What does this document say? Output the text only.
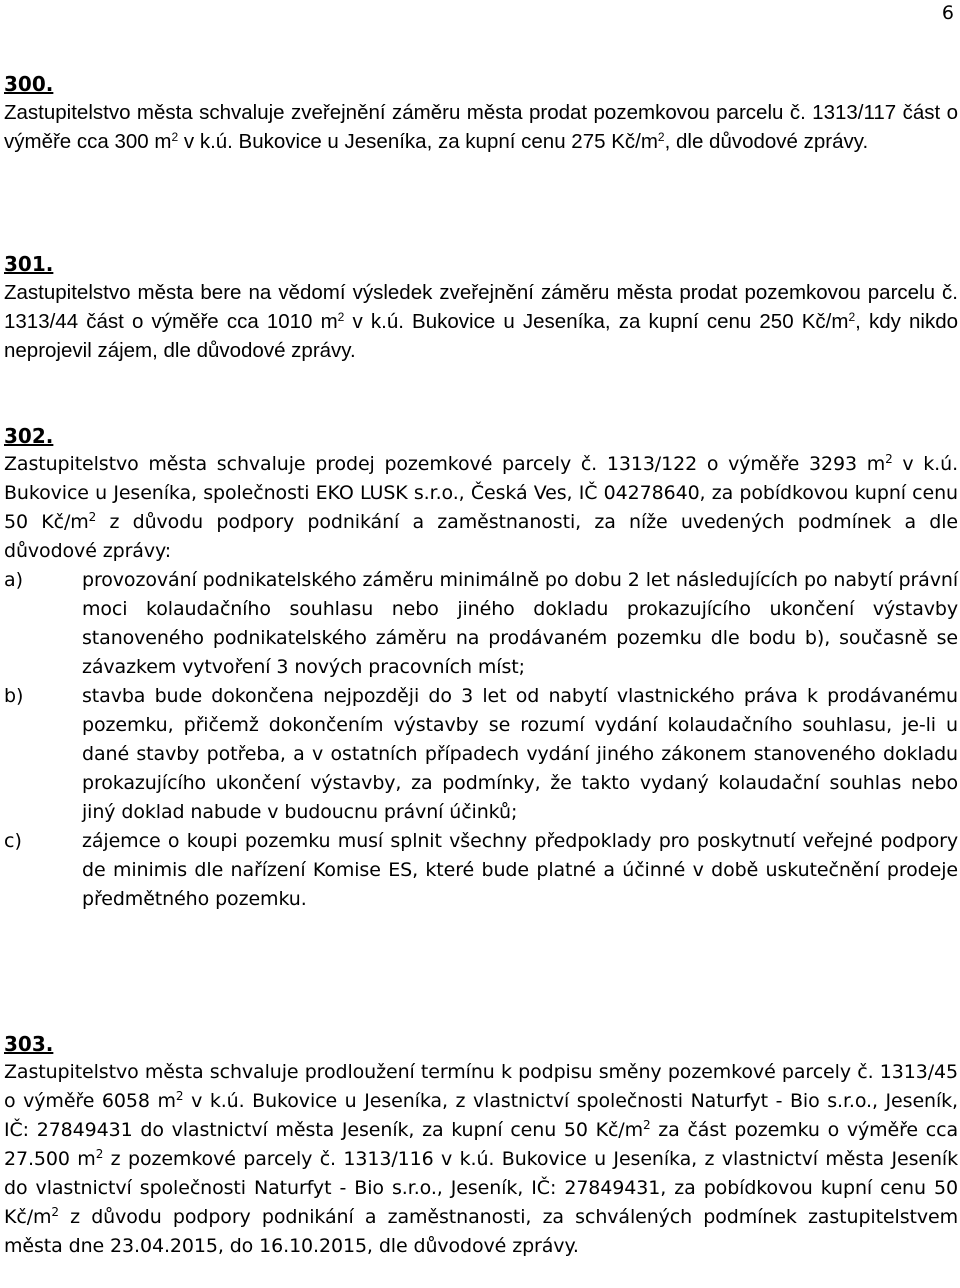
6
300.

Zastupitelstvo města schvaluje zveřejnění záměru města prodat pozemkovou parcelu č. 1313/117 část o výměře cca 300 $m^2$ v k.ú. Bukovice u Jeseníka, za kupní cenu 275 $Kč/m^2$, dle důvodové zprávy.

301.

Zastupitelstvo města bere na vědomí výsledek zveřejnění záměru města prodat pozemkovou parcelu č. 1313/44 část o výměře cca 1010 $m^2$ v k.ú. Bukovice u Jeseníka, za kupní cenu 250 $Kč/m^2$, kdy nikdo neprojevil zájem, dle důvodové zprávy.

302.

Zastupitelstvo města schvaluje prodej pozemkové parcely č. 1313/122 o výměře 3293 $m^2$ v k.ú. Bukovice u Jeseníka, společnosti EKO LUSK s.r.o., Česká Ves, IČ 04278640, za pobídkovou kupní cenu 50 $Kč/m^2$ z důvodu podpory podnikání a zaměstnanosti, za níže uvedených podmínek a dle důvodové zprávy:

a)	provozování podnikatelského záměru minimálně po dobu 2 let následujících po nabytí právní moci kolaudačního souhlasu nebo jiného dokladu prokazujícího ukončení výstavby stanoveného podnikatelského záměru na prodávaném pozemku dle bodu b), současně se závazkem vytvoření 3 nových pracovních míst;

b)	stavba bude dokončena nejpozději do 3 let od nabytí vlastnického práva k prodávanému pozemku, přičemž dokončením výstavby se rozumí vydání kolaudačního souhlasu, je-li u dané stavby potřeba, a v ostatních případech vydání jiného zákonem stanoveného dokladu prokazujícího ukončení výstavby, za podmínky, že takto vydaný kolaudační souhlas nebo jiný doklad nabude v budoucnu právní účinků;

c)	zájemce o koupi pozemku musí splnit všechny předpoklady pro poskytnutí veřejné podpory de minimis dle nařízení Komise ES, které bude platné a účinné v době uskutečnění prodeje předmětného pozemku.

303.

Zastupitelstvo města schvaluje prodloužení termínu k podpisu směny pozemkové parcely č. 1313/45 o výměře 6058 $m^2$ v k.ú. Bukovice u Jeseníka, z vlastnictví společnosti Naturfyt - Bio s.r.o., Jeseník, IČ: 27849431 do vlastnictví města Jeseník, za kupní cenu 50 $Kč/m^2$ za část pozemku o výměře cca 27.500 $m^2$ z pozemkové parcely č. 1313/116 v k.ú. Bukovice u Jeseníka, z vlastnictví města Jeseník do vlastnictví společnosti Naturfyt - Bio s.r.o., Jeseník, IČ: 27849431, za pobídkovou kupní cenu 50 $Kč/m^2$ z důvodu podpory podnikání a zaměstnanosti, za schválených podmínek zastupitelstvem města dne 23.04.2015, do 16.10.2015, dle důvodové zprávy.
